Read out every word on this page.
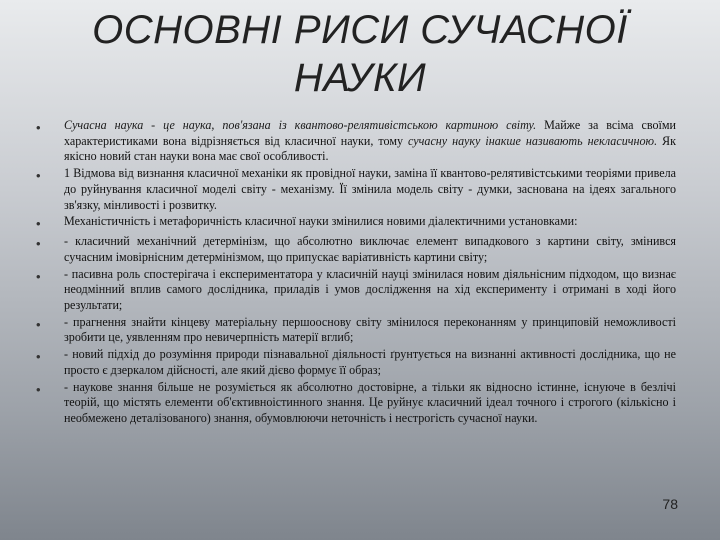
ОСНОВНІ РИСИ СУЧАСНОЇ
НАУКИ
•	Сучасна наука - це наука, пов'язана із квантово-релятивістською картиною світу. Майже за всіма своїми характеристиками вона відрізняється від класичної науки, тому сучасну науку інакше називають некласичною. Як якісно новий стан науки вона має свої особливості.
•	1 Відмова від визнання класичної механіки як провідної науки, заміна її квантово-релятивістськими теоріями привела до руйнування класичної моделі світу - механізму. Її змінила модель світу - думки, заснована на ідеях загального зв'язку, мінливості і розвитку.
•	Механістичність і метафоричність класичної науки змінилися новими діалектичними установками:
•	- класичний механічний детермінізм, що абсолютно виключає елемент випадкового з картини світу, змінився сучасним імовірнісним детермінізмом, що припускає варіативність картини світу;
•	- пасивна роль спостерігача і експериментатора у класичній науці змінилася новим діяльнісним підходом, що визнає неодмінний вплив самого дослідника, приладів і умов дослідження на хід експерименту і отримані в ході його результати;
•	- прагнення знайти кінцеву матеріальну першооснову світу змінилося переконанням у принциповій неможливості зробити це, уявленням про невичерпність матерії вглиб;
•	- новий підхід до розуміння природи пізнавальної діяльності ґрунтується на визнанні активності дослідника, що не просто є дзеркалом дійсності, але який дієво формує її образ;
•	- наукове знання більше не розуміється як абсолютно достовірне, а тільки як відносно істинне, існуюче в безлічі теорій, що містять елементи об'єктивноістинного знання. Це руйнує класичний ідеал точного і строгого (кількісно і необмежено деталізованого) знання, обумовлюючи неточність і нестрогість сучасної науки.
78
